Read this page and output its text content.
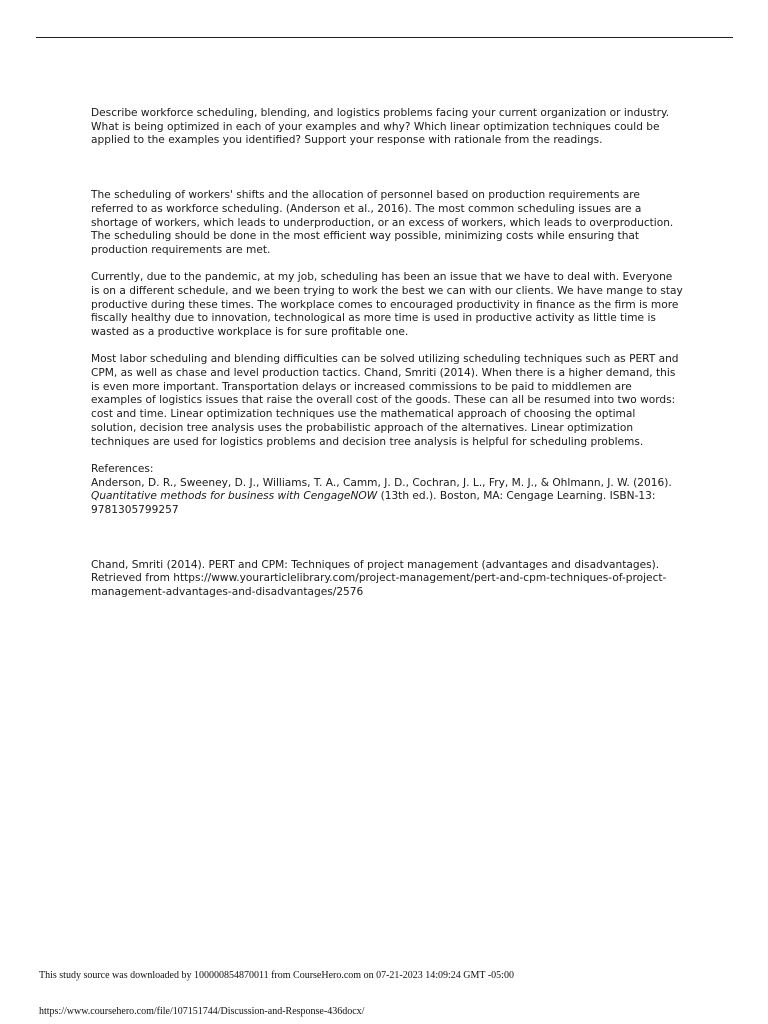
Describe workforce scheduling, blending, and logistics problems facing your current organization or industry. What is being optimized in each of your examples and why? Which linear optimization techniques could be applied to the examples you identified? Support your response with rationale from the readings.

The scheduling of workers' shifts and the allocation of personnel based on production requirements are referred to as workforce scheduling. (Anderson et al., 2016). The most common scheduling issues are a shortage of workers, which leads to underproduction, or an excess of workers, which leads to overproduction. The scheduling should be done in the most efficient way possible, minimizing costs while ensuring that production requirements are met.

Currently, due to the pandemic, at my job, scheduling has been an issue that we have to deal with. Everyone is on a different schedule, and we been trying to work the best we can with our clients. We have mange to stay productive during these times. The workplace comes to encouraged productivity in finance as the firm is more fiscally healthy due to innovation, technological as more time is used in productive activity as little time is wasted as a productive workplace is for sure profitable one.

Most labor scheduling and blending difficulties can be solved utilizing scheduling techniques such as PERT and CPM, as well as chase and level production tactics. Chand, Smriti (2014). When there is a higher demand, this is even more important. Transportation delays or increased commissions to be paid to middlemen are examples of logistics issues that raise the overall cost of the goods. These can all be resumed into two words: cost and time. Linear optimization techniques use the mathematical approach of choosing the optimal solution, decision tree analysis uses the probabilistic approach of the alternatives. Linear optimization techniques are used for logistics problems and decision tree analysis is helpful for scheduling problems.

References:

Anderson, D. R., Sweeney, D. J., Williams, T. A., Camm, J. D., Cochran, J. L., Fry, M. J., & Ohlmann, J. W. (2016). Quantitative methods for business with CengageNOW (13th ed.). Boston, MA: Cengage Learning. ISBN-13: 9781305799257

Chand, Smriti (2014). PERT and CPM: Techniques of project management (advantages and disadvantages). Retrieved from https://www.yourarticlelibrary.com/project-management/pert-and-cpm-techniques-of-project-management-advantages-and-disadvantages/2576

This study source was downloaded by 100000854870011 from CourseHero.com on 07-21-2023 14:09:24 GMT -05:00
https://www.coursehero.com/file/107151744/Discussion-and-Response-436docx/
